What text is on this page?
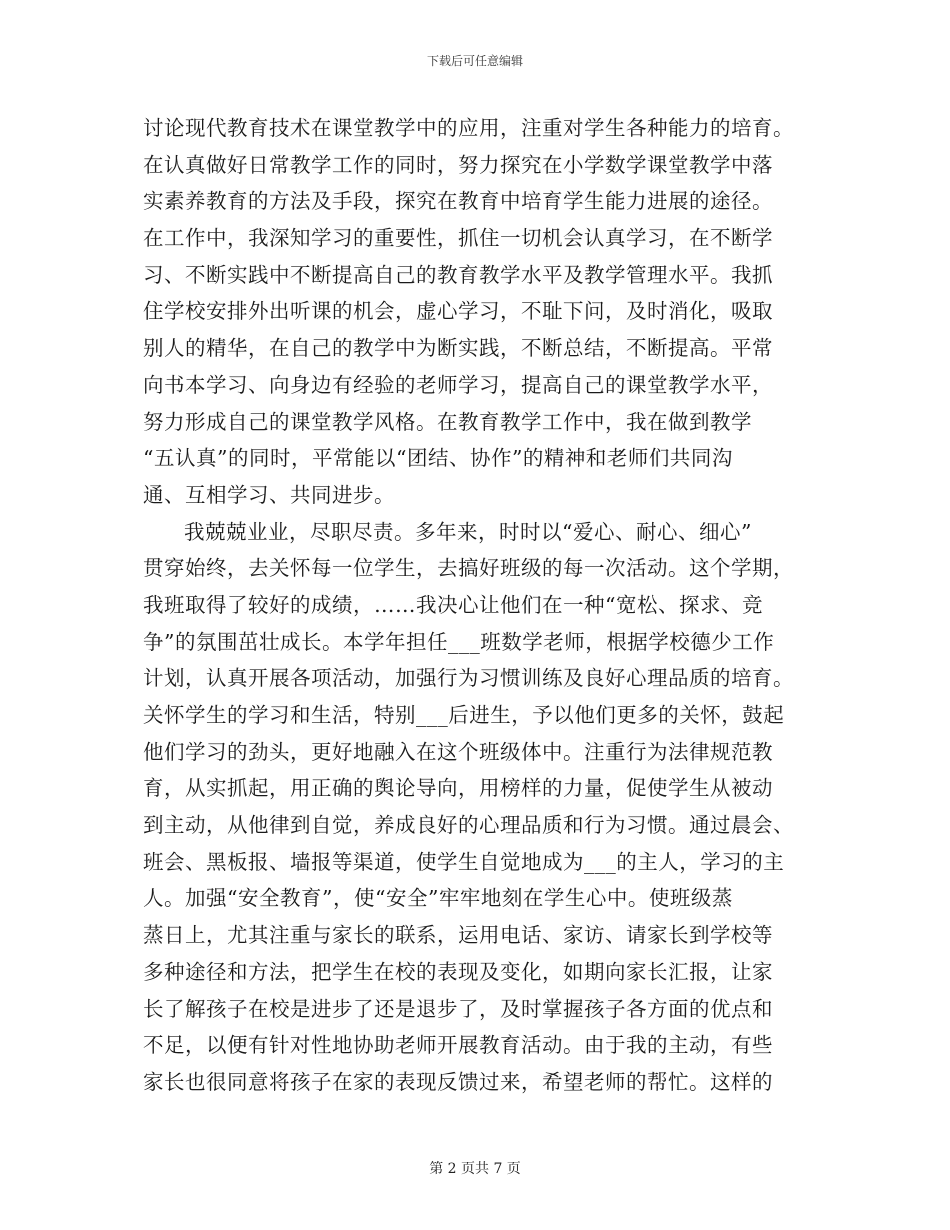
下载后可任意编辑
讨论现代教育技术在课堂教学中的应用，注重对学生各种能力的培育。
在认真做好日常教学工作的同时，努力探究在小学数学课堂教学中落
实素养教育的方法及手段，探究在教育中培育学生能力进展的途径。
在工作中，我深知学习的重要性，抓住一切机会认真学习，在不断学
习、不断实践中不断提高自己的教育教学水平及教学管理水平。我抓
住学校安排外出听课的机会，虚心学习，不耻下问，及时消化，吸取
别人的精华，在自己的教学中为断实践，不断总结，不断提高。平常
向书本学习、向身边有经验的老师学习，提高自己的课堂教学水平，
努力形成自己的课堂教学风格。在教育教学工作中，我在做到教学
“五认真”的同时，平常能以“团结、协作”的精神和老师们共同沟
通、互相学习、共同进步。
我兢兢业业，尽职尽责。多年来，时时以“爱心、耐心、细心”
贯穿始终，去关怀每一位学生，去搞好班级的每一次活动。这个学期，
我班取得了较好的成绩，……我决心让他们在一种“宽松、探求、竞
争”的氛围茁壮成长。本学年担任___班数学老师，根据学校德少工作
计划，认真开展各项活动，加强行为习惯训练及良好心理品质的培育。
关怀学生的学习和生活，特别___后进生，予以他们更多的关怀，鼓起
他们学习的劲头，更好地融入在这个班级体中。注重行为法律规范教
育，从实抓起，用正确的舆论导向，用榜样的力量，促使学生从被动
到主动，从他律到自觉，养成良好的心理品质和行为习惯。通过晨会、
班会、黑板报、墙报等渠道，使学生自觉地成为___的主人，学习的主
人。加强“安全教育”，使“安全”牢牢地刻在学生心中。使班级蒸
蒸日上，尤其注重与家长的联系，运用电话、家访、请家长到学校等
多种途径和方法，把学生在校的表现及变化，如期向家长汇报，让家
长了解孩子在校是进步了还是退步了，及时掌握孩子各方面的优点和
不足，以便有针对性地协助老师开展教育活动。由于我的主动，有些
家长也很同意将孩子在家的表现反馈过来，希望老师的帮忙。这样的
第 2 页共 7 页
